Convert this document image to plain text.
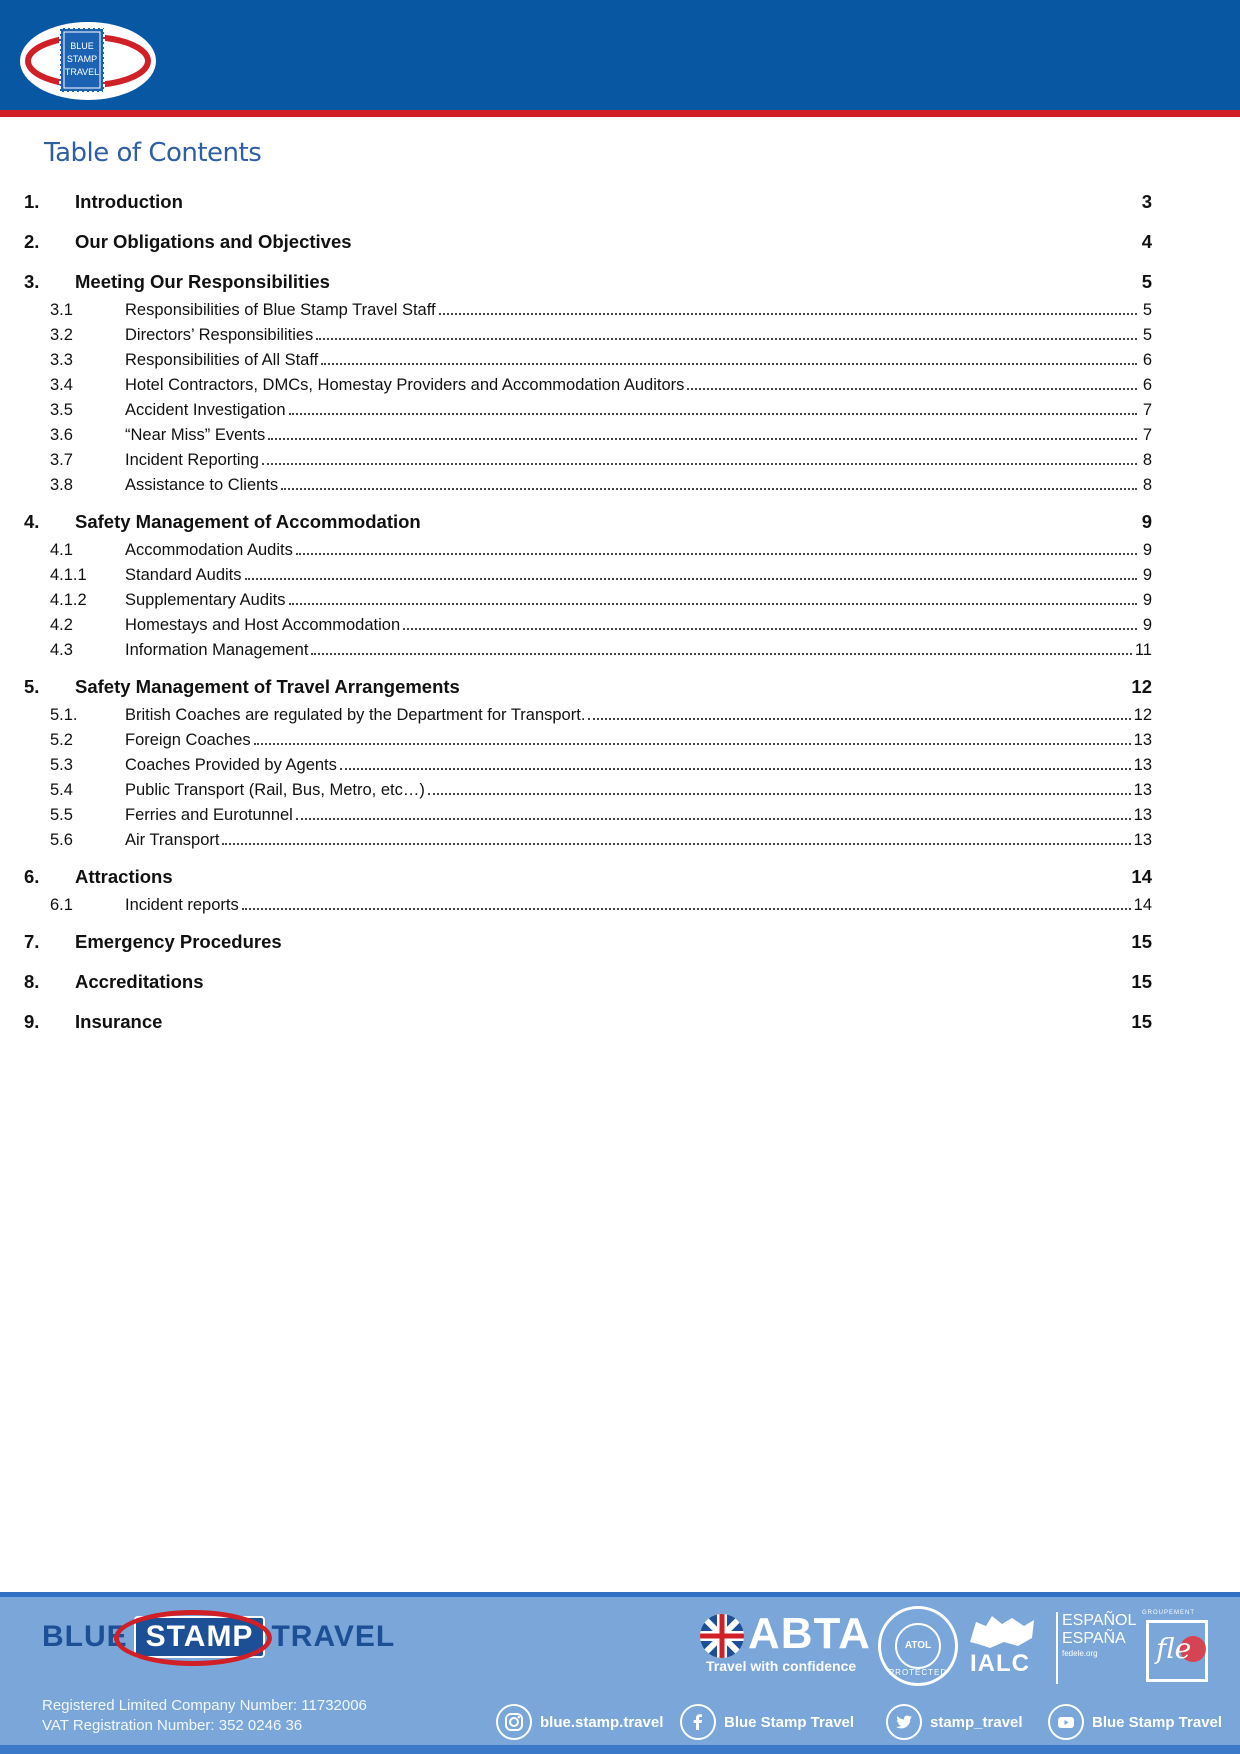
BLUE
STAMP
TRAVEL
Table of Contents
1.	Introduction	3
2.	Our Obligations and Objectives	4
3.	Meeting Our Responsibilities	5
3.1	Responsibilities of Blue Stamp Travel Staff	5
3.2	Directors’ Responsibilities	5
3.3	Responsibilities of All Staff	6
3.4	Hotel Contractors, DMCs, Homestay Providers and Accommodation Auditors	6
3.5	Accident Investigation	7
3.6	“Near Miss” Events	7
3.7	Incident Reporting	8
3.8	Assistance to Clients	8
4.	Safety Management of Accommodation	9
4.1	Accommodation Audits	9
4.1.1	Standard Audits	9
4.1.2	Supplementary Audits	9
4.2	Homestays and Host Accommodation	9
4.3	Information Management	11
5.	Safety Management of Travel Arrangements	12
5.1.	British Coaches are regulated by the Department for Transport.	12
5.2	Foreign Coaches	13
5.3	Coaches Provided by Agents	13
5.4	Public Transport (Rail, Bus, Metro, etc…)	13
5.5	Ferries and Eurotunnel	13
5.6	Air Transport	13
6.	Attractions	14
6.1	Incident reports	14
7.	Emergency Procedures	15
8.	Accreditations	15
9.	Insurance	15
BLUE STAMP TRAVEL
Registered Limited Company Number: 11732006
VAT Registration Number: 352 0246 36
ABTA
Travel with confidence
ATOL
PROTECTED IALC
ESPAÑOL
ESPAÑA
fedele.org
GROUPEMENT
fle
blue.stamp.travel	Blue Stamp Travel	stamp_travel	Blue Stamp Travel
